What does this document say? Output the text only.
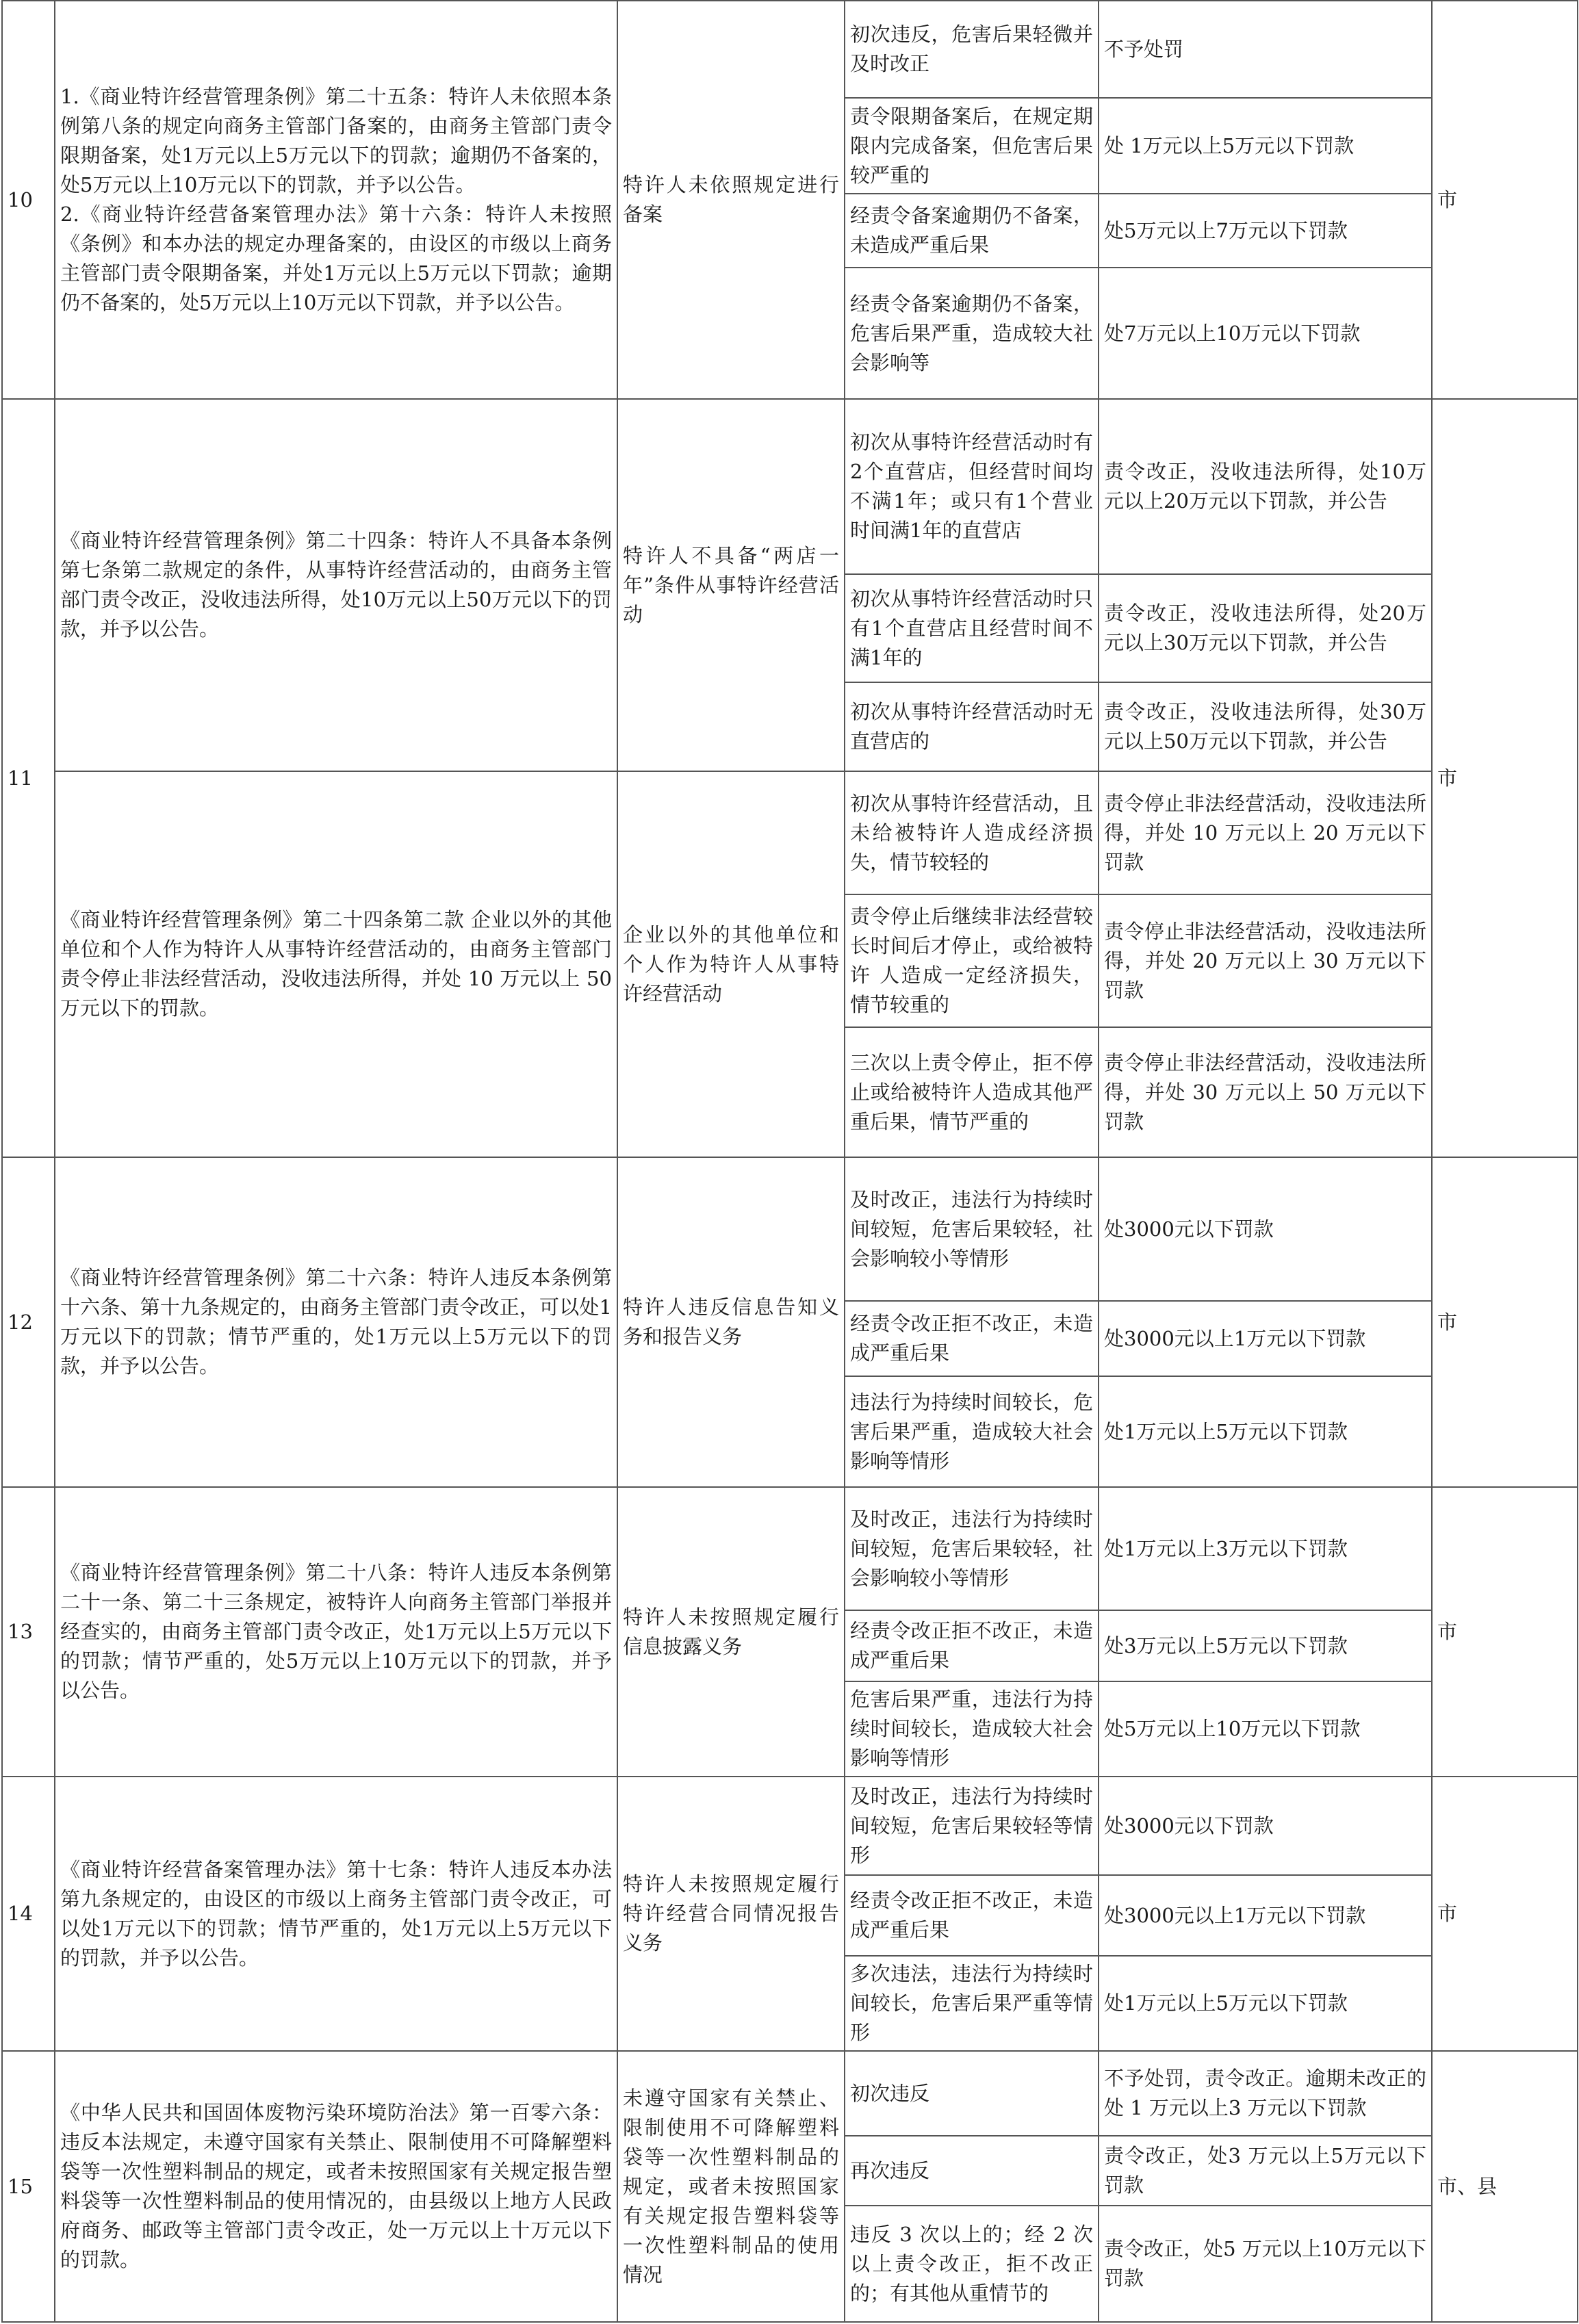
10	1.《商业特许经营管理条例》第二十五条：特许人未依照本条例第八条的规定向商务主管部门备案的，由商务主管部门责令限期备案，处1万元以上5万元以下的罚款；逾期仍不备案的，处5万元以上10万元以下的罚款，并予以公告。
2.《商业特许经营备案管理办法》第十六条：特许人未按照《条例》和本办法的规定办理备案的，由设区的市级以上商务主管部门责令限期备案，并处1万元以上5万元以下罚款；逾期仍不备案的，处5万元以上10万元以下罚款，并予以公告。	特许人未依照规定进行备案	初次违反，危害后果轻微并及时改正	不予处罚	市
			责令限期备案后，在规定期限内完成备案，但危害后果较严重的	处 1万元以上5万元以下罚款	
			经责令备案逾期仍不备案，未造成严重后果	处5万元以上7万元以下罚款	
			经责令备案逾期仍不备案，危害后果严重，造成较大社会影响等	处7万元以上10万元以下罚款	
11	《商业特许经营管理条例》第二十四条：特许人不具备本条例第七条第二款规定的条件，从事特许经营活动的，由商务主管部门责令改正，没收违法所得，处10万元以上50万元以下的罚款，并予以公告。	特许人不具备“两店一年”条件从事特许经营活动	初次从事特许经营活动时有2个直营店，但经营时间均不满1年；或只有1个营业时间满1年的直营店	责令改正，没收违法所得，处10万元以上20万元以下罚款，并公告	市
			初次从事特许经营活动时只有1个直营店且经营时间不满1年的	责令改正，没收违法所得，处20万元以上30万元以下罚款，并公告	
			初次从事特许经营活动时无直营店的	责令改正，没收违法所得，处30万元以上50万元以下罚款，并公告	
	《商业特许经营管理条例》第二十四条第二款 企业以外的其他单位和个人作为特许人从事特许经营活动的，由商务主管部门责令停止非法经营活动，没收违法所得，并处 10 万元以上 50 万元以下的罚款。	企业以外的其他单位和个人作为特许人从事特许经营活动	初次从事特许经营活动，且未给被特许人造成经济损失，情节较轻的	责令停止非法经营活动，没收违法所得，并处 10 万元以上 20 万元以下罚款	
			责令停止后继续非法经营较长时间后才停止，或给被特许 人造成一定经济损失，情节较重的	责令停止非法经营活动，没收违法所得，并处 20 万元以上 30 万元以下罚款	
			三次以上责令停止，拒不停止或给被特许人造成其他严重后果，情节严重的	责令停止非法经营活动，没收违法所得，并处 30 万元以上 50 万元以下罚款	
12	《商业特许经营管理条例》第二十六条：特许人违反本条例第十六条、第十九条规定的，由商务主管部门责令改正，可以处1万元以下的罚款；情节严重的，处1万元以上5万元以下的罚款，并予以公告。	特许人违反信息告知义务和报告义务	及时改正，违法行为持续时间较短，危害后果较轻，社会影响较小等情形	处3000元以下罚款	市
			经责令改正拒不改正，未造成严重后果	处3000元以上1万元以下罚款	
			违法行为持续时间较长，危害后果严重，造成较大社会影响等情形	处1万元以上5万元以下罚款	
13	《商业特许经营管理条例》第二十八条：特许人违反本条例第二十一条、第二十三条规定，被特许人向商务主管部门举报并经查实的，由商务主管部门责令改正，处1万元以上5万元以下的罚款；情节严重的，处5万元以上10万元以下的罚款，并予以公告。	特许人未按照规定履行信息披露义务	及时改正，违法行为持续时间较短，危害后果较轻，社会影响较小等情形	处1万元以上3万元以下罚款	市
			经责令改正拒不改正，未造成严重后果	处3万元以上5万元以下罚款	
			危害后果严重，违法行为持续时间较长，造成较大社会影响等情形	处5万元以上10万元以下罚款	
14	《商业特许经营备案管理办法》第十七条：特许人违反本办法第九条规定的，由设区的市级以上商务主管部门责令改正，可以处1万元以下的罚款；情节严重的，处1万元以上5万元以下的罚款，并予以公告。	特许人未按照规定履行特许经营合同情况报告义务	及时改正，违法行为持续时间较短，危害后果较轻等情形	处3000元以下罚款	市
			经责令改正拒不改正，未造成严重后果	处3000元以上1万元以下罚款	
			多次违法，违法行为持续时间较长，危害后果严重等情形	处1万元以上5万元以下罚款	
15	《中华人民共和国固体废物污染环境防治法》第一百零六条：违反本法规定，未遵守国家有关禁止、限制使用不可降解塑料袋等一次性塑料制品的规定，或者未按照国家有关规定报告塑料袋等一次性塑料制品的使用情况的，由县级以上地方人民政府商务、邮政等主管部门责令改正，处一万元以上十万元以下的罚款。	未遵守国家有关禁止、限制使用不可降解塑料袋等一次性塑料制品的规定，或者未按照国家有关规定报告塑料袋等一次性塑料制品的使用情况	初次违反	不予处罚，责令改正。逾期未改正的处 1 万元以上3 万元以下罚款	市、县
			再次违反	责令改正，处3 万元以上5万元以下罚款	
			违反 3 次以上的；经 2 次以上责令改正，拒不改正的；有其他从重情节的	责令改正，处5 万元以上10万元以下罚款	
